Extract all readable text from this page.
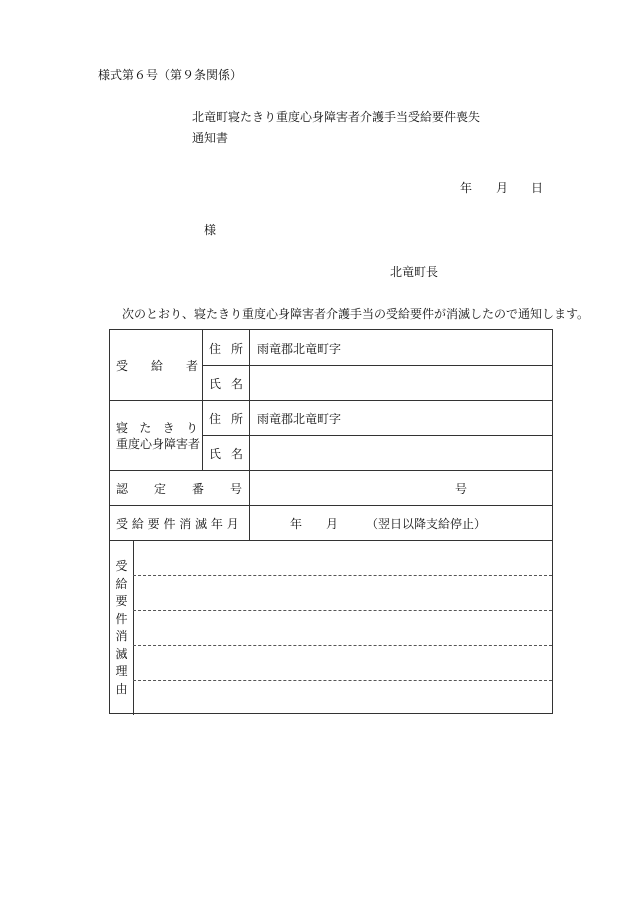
様式第６号（第９条関係）
北竜町寝たきり重度心身障害者介護手当受給要件喪失
通知書
年 月 日
様
北竜町長
次のとおり、寝たきり重度心身障害者介護手当の受給要件が消滅したので通知します。
受 給 者
住 所 雨竜郡北竜町字
氏 名
寝 た き り
重度心身障害者
住 所 雨竜郡北竜町字
氏 名
認 定 番 号	号
受 給 要 件 消 滅 年 月	年 月 （翌日以降支給停止）
受
給
要
件
消
滅
理
由
